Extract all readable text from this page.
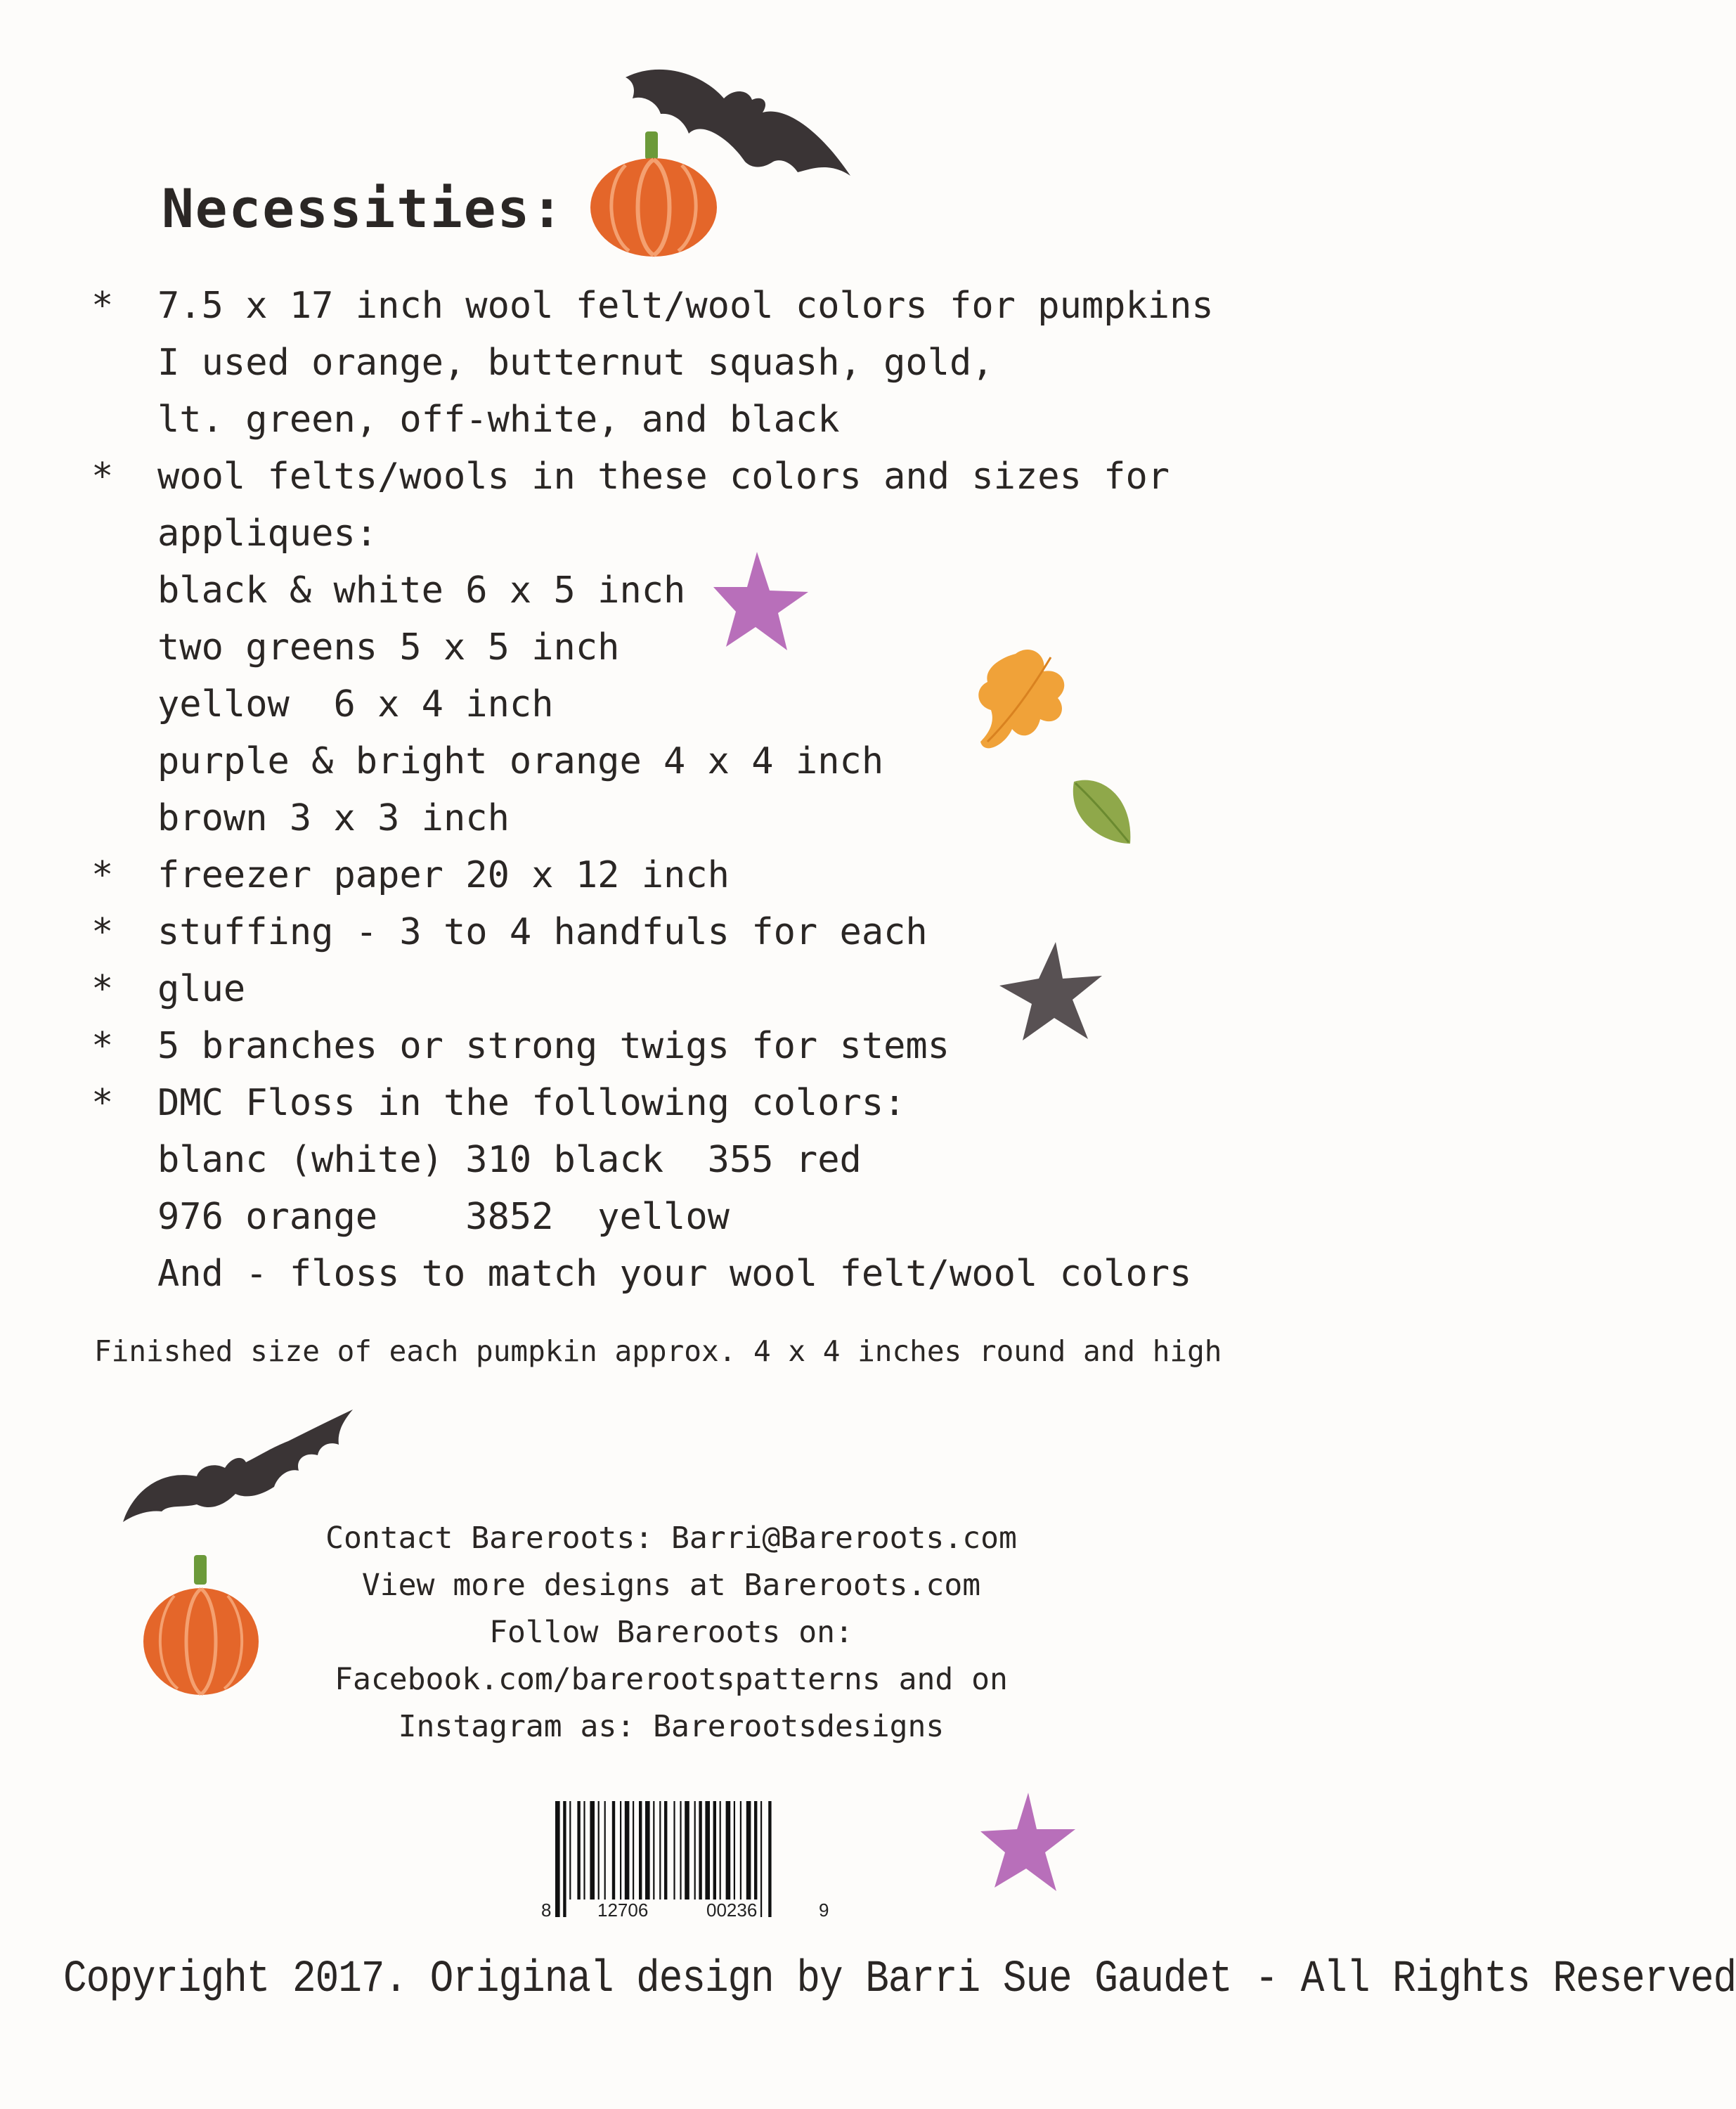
Necessities:
* 7.5 x 17 inch wool felt/wool colors for pumpkins
I used orange, butternut squash, gold,
lt. green, off-white, and black
* wool felts/wools in these colors and sizes for
appliques:
black & white 6 x 5 inch
two greens 5 x 5 inch
yellow  6 x 4 inch
purple & bright orange 4 x 4 inch
brown 3 x 3 inch
* freezer paper 20 x 12 inch
* stuffing - 3 to 4 handfuls for each
* glue
* 5 branches or strong twigs for stems
* DMC Floss in the following colors:
blanc (white) 310 black  355 red
976 orange    3852  yellow
And - floss to match your wool felt/wool colors
Finished size of each pumpkin approx. 4 x 4 inches round and high
Contact Bareroots: Barri@Bareroots.com
View more designs at Bareroots.com
Follow Bareroots on:
Facebook.com/barerootspatterns and on
Instagram as: Barerootsdesigns
8	12706	00236	9
Copyright 2017. Original design by Barri Sue Gaudet - All Rights Reserved
